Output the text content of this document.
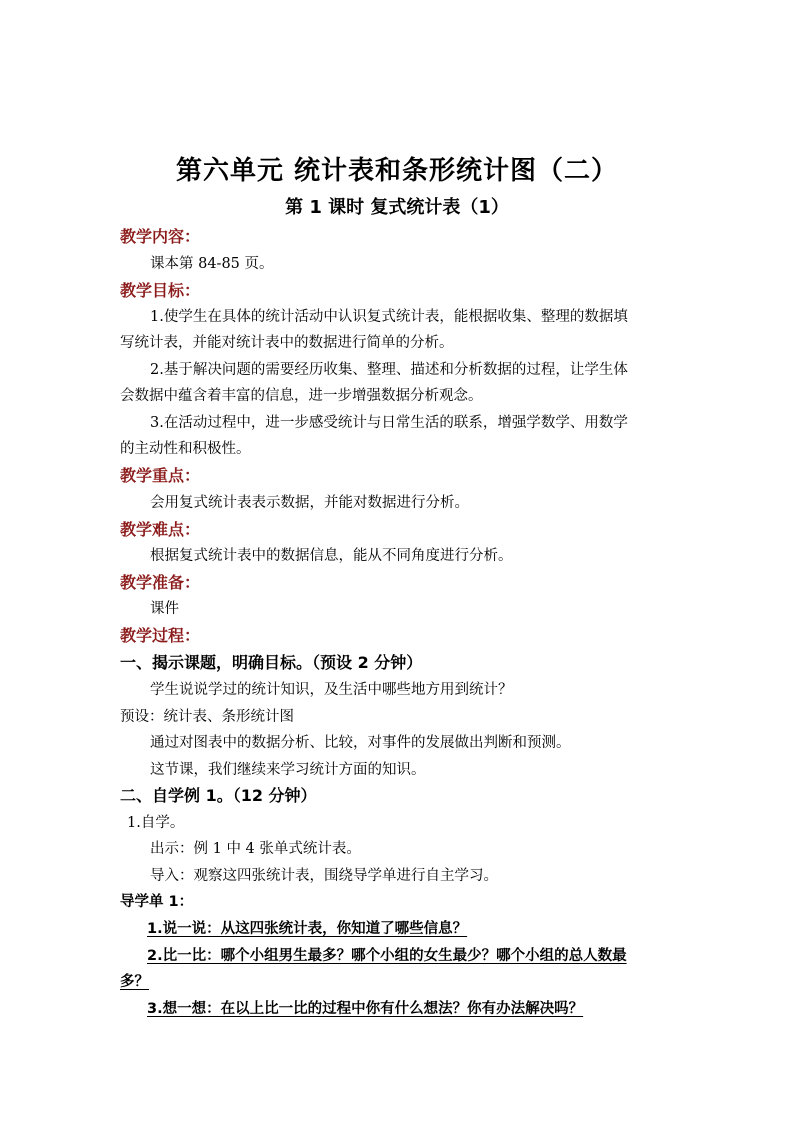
第六单元 统计表和条形统计图（二）
第 1 课时 复式统计表（1）
教学内容：
课本第 84-85 页。
教学目标：
1.使学生在具体的统计活动中认识复式统计表，能根据收集、整理的数据填
写统计表，并能对统计表中的数据进行简单的分析。
2.基于解决问题的需要经历收集、整理、描述和分析数据的过程，让学生体
会数据中蕴含着丰富的信息，进一步增强数据分析观念。
3.在活动过程中，进一步感受统计与日常生活的联系，增强学数学、用数学
的主动性和积极性。
教学重点：
会用复式统计表表示数据，并能对数据进行分析。
教学难点：
根据复式统计表中的数据信息，能从不同角度进行分析。
教学准备：
课件
教学过程：
一、揭示课题，明确目标。（预设 2 分钟）
学生说说学过的统计知识，及生活中哪些地方用到统计？
预设：统计表、条形统计图
通过对图表中的数据分析、比较，对事件的发展做出判断和预测。
这节课，我们继续来学习统计方面的知识。
二、自学例 1。（12 分钟）
1.自学。
出示：例 1 中 4 张单式统计表。
导入：观察这四张统计表，围绕导学单进行自主学习。
导学单 1：
1.说一说：从这四张统计表，你知道了哪些信息？
2.比一比：哪个小组男生最多？哪个小组的女生最少？哪个小组的总人数最
多？
3.想一想：在以上比一比的过程中你有什么想法？你有办法解决吗？
